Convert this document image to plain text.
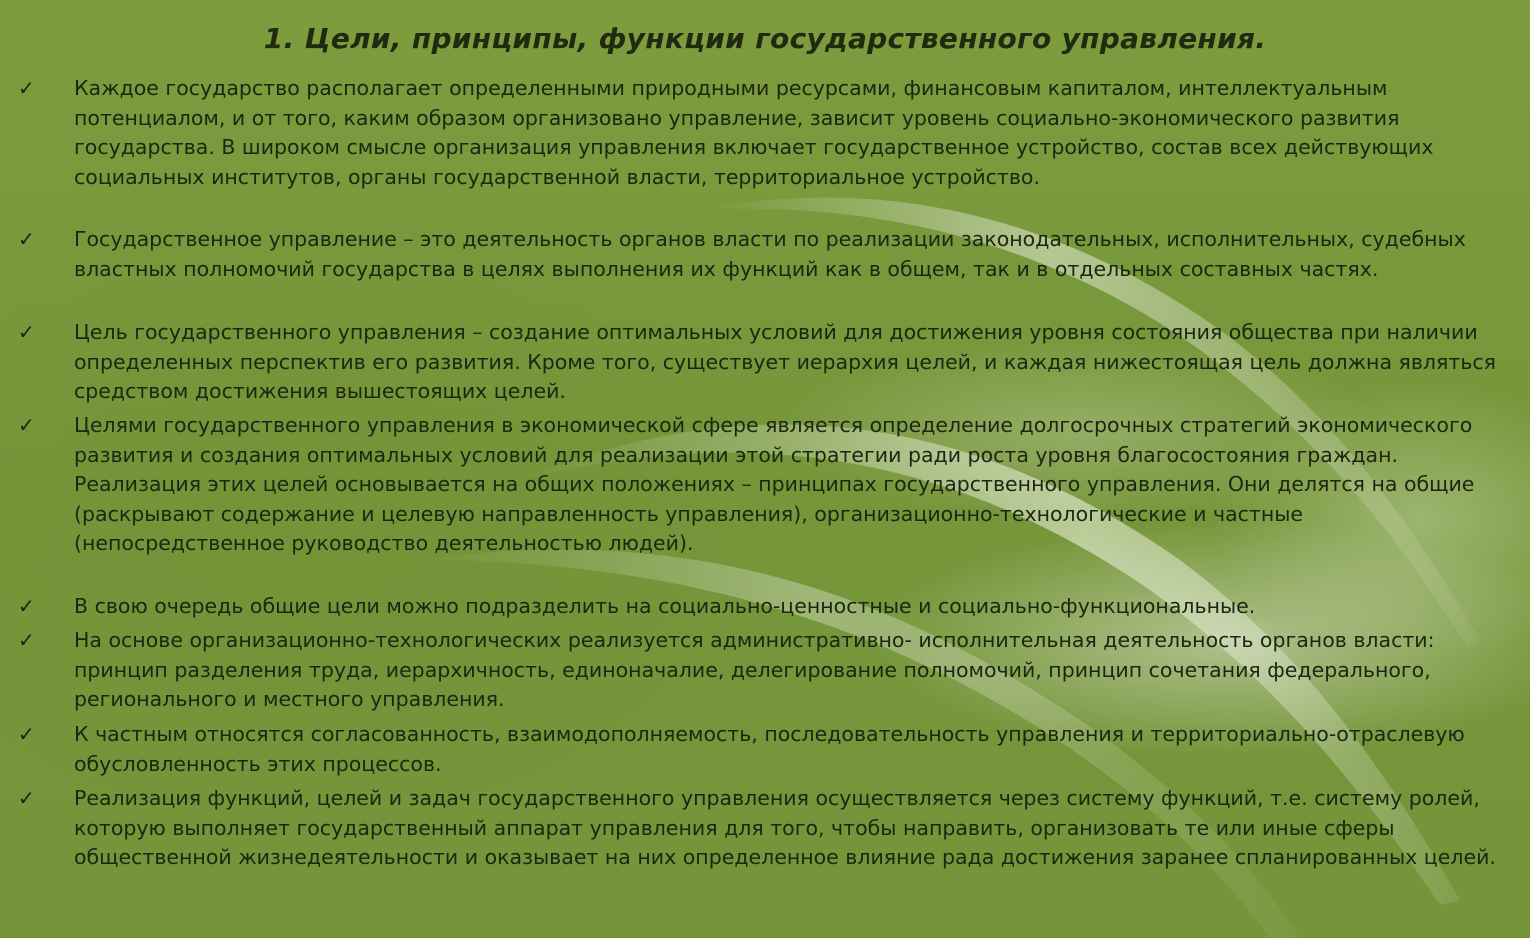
1. Цели, принципы, функции государственного управления.
✓ Каждое государство располагает определенными природными ресурсами, финансовым капиталом, интеллектуальным потенциалом, и от того, каким образом организовано управление, зависит уровень социально-экономического развития государства. В широком смысле организация управления включает государственное устройство, состав всех действующих социальных институтов, органы государственной власти, территориальное устройство.
✓ Государственное управление – это деятельность органов власти по реализации законодательных, исполнительных, судебных властных полномочий государства в целях выполнения их функций как в общем, так и в отдельных составных частях.
✓ Цель государственного управления – создание оптимальных условий для достижения уровня состояния общества при наличии определенных перспектив его развития. Кроме того, существует иерархия целей, и каждая нижестоящая цель должна являться средством достижения вышестоящих целей.
✓ Целями государственного управления в экономической сфере является определение долгосрочных стратегий экономического развития и создания оптимальных условий для реализации этой стратегии ради роста уровня благосостояния граждан. Реализация этих целей основывается на общих положениях – принципах государственного управления. Они делятся на общие (раскрывают содержание и целевую направленность управления), организационно-технологические и частные (непосредственное руководство деятельностью людей).
✓ В свою очередь общие цели можно подразделить на социально-ценностные и социально-функциональные.
✓ На основе организационно-технологических реализуется административно- исполнительная деятельность органов власти: принцип разделения труда, иерархичность, единоначалие, делегирование полномочий, принцип сочетания федерального, регионального и местного управления.
✓ К частным относятся согласованность, взаимодополняемость, последовательность управления и территориально-отраслевую обусловленность этих процессов.
✓ Реализация функций, целей и задач государственного управления осуществляется через систему функций, т.е. систему ролей, которую выполняет государственный аппарат управления для того, чтобы направить, организовать те или иные сферы общественной жизнедеятельности и оказывает на них определенное влияние рада достижения заранее спланированных целей.
